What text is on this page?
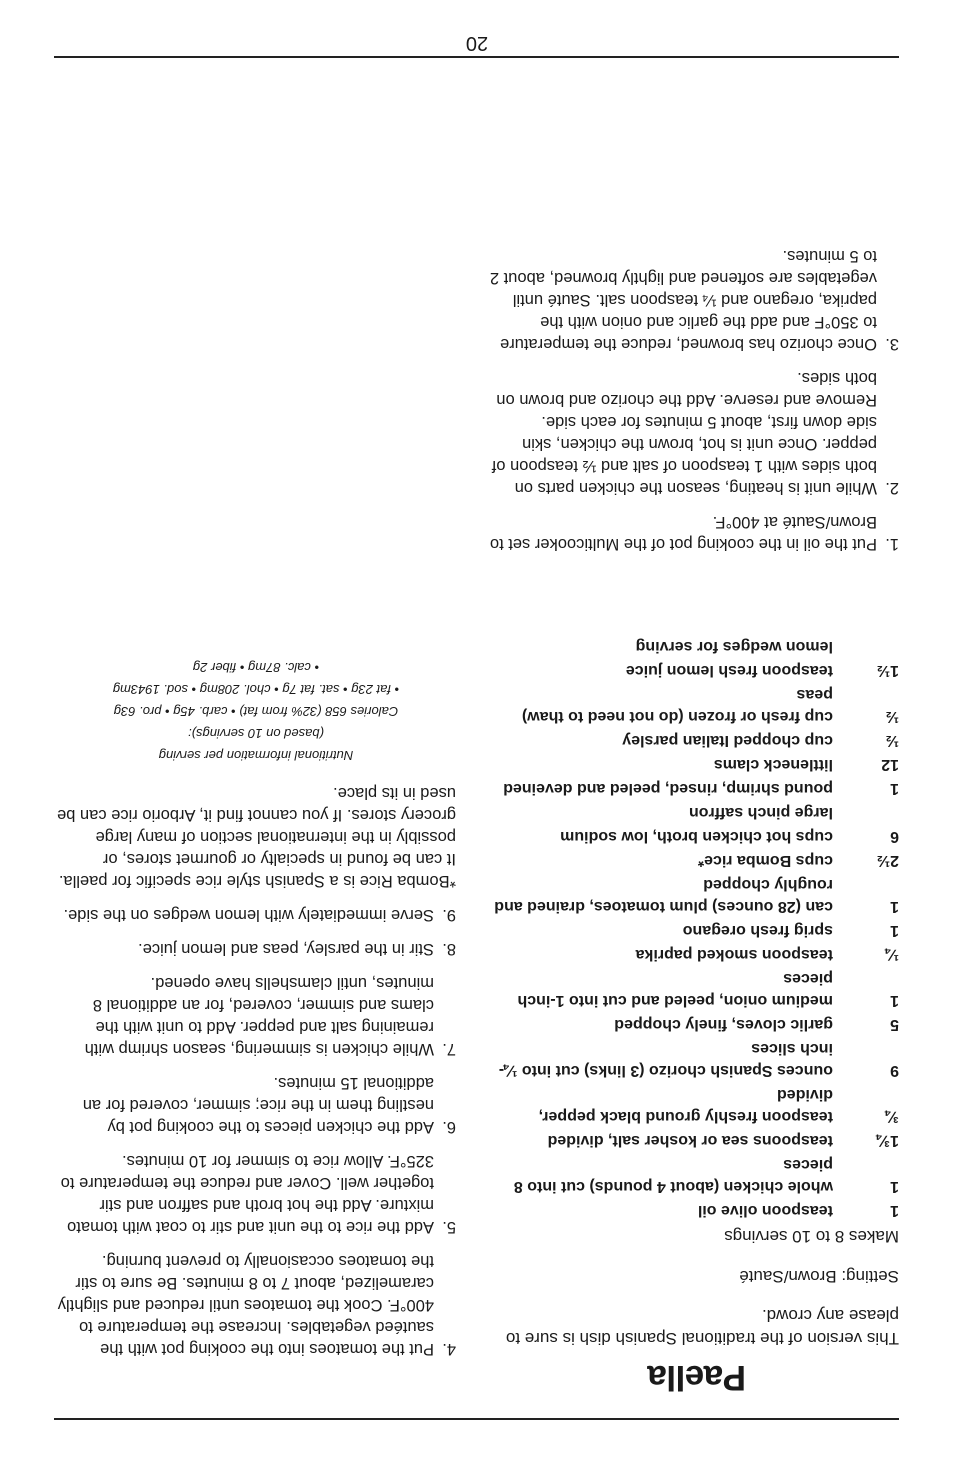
Paella
This version of the traditional Spanish dish is sure to please any crowd.
Setting: Brown/Sauté
Makes 8 to 10 servings
1
teaspoon olive oil
1
whole chicken (about 4 pounds) cut into 8 pieces
1¾
teaspoons sea or kosher salt, divided
¾
teaspoon freshly ground black pepper, divided
9
ounces Spanish chorizo (3 links) cut into ¼-inch slices
5
garlic cloves, finely chopped
1
medium onion, peeled and cut into 1-inch pieces
¼
teaspoon smoked paprika
1
sprig fresh oregano
1
can (28 ounces) plum tomatoes, drained and roughly chopped
2½
cups Bomba rice*
6
cups hot chicken broth, low sodium
large pinch saffron
1
pound shrimp, rinsed, peeled and deveined
12
littleneck clams
½
cup chopped Italian parsley
½
cup fresh or frozen (do not need to thaw) peas
1½
teaspoon fresh lemon juice
lemon wedges for serving
1.
Put the oil in the cooking pot of the Multicooker set to Brown/Sauté at 400°F.
2.
While unit is heating, season the chicken parts on both sides with 1 teaspoon of salt and ½ teaspoon of pepper. Once unit is hot, brown the chicken, skin side down first, about 5 minutes for each side. Remove and reserve. Add the chorizo and brown on both sides.
3.
Once chorizo has browned, reduce the temperature to 350°F and add the garlic and onion with the paprika, oregano and ¼ teaspoon salt. Sauté until vegetables are softened and lightly browned, about 2 to 5 minutes.
4.
Put the tomatoes into the cooking pot with the sautéed vegetables. Increase the temperature to 400°F. Cook the tomatoes until reduced and slightly caramelized, about 7 to 8 minutes. Be sure to stir the tomatoes occasionally to prevent burning.
5.
Add the rice to the unit and stir to coat with tomato mixture. Add the hot broth and saffron and stir together well. Cover and reduce the temperature to 325°F. Allow rice to simmer for 10 minutes.
6.
Add the chicken pieces to the cooking pot by nestling them in the rice; simmer, covered for an additional 15 minutes.
7.
While chicken is simmering, season shrimp with remaining salt and pepper. Add to unit with the clams and simmer, covered, for an additional 8 minutes, until clamshells have opened.
8.
Stir in the parsley, peas and lemon juice.
9.
Serve immediately with lemon wedges on the side.
*Bomba Rice is a Spanish style rice specific for paella. It can be found in specialty or gourmet stores, or possibly in the international section of many large grocery stores. If you cannot find it, Arborio rice can be used in its place.
Nutritional information per serving
(based on 10 servings):
Calories 658 (32% from fat) • carb. 45g • pro. 63g
• fat 23g • sat. fat 7g • chol. 208mg • sod. 1943mg
• calc. 87mg • fiber 2g
20
